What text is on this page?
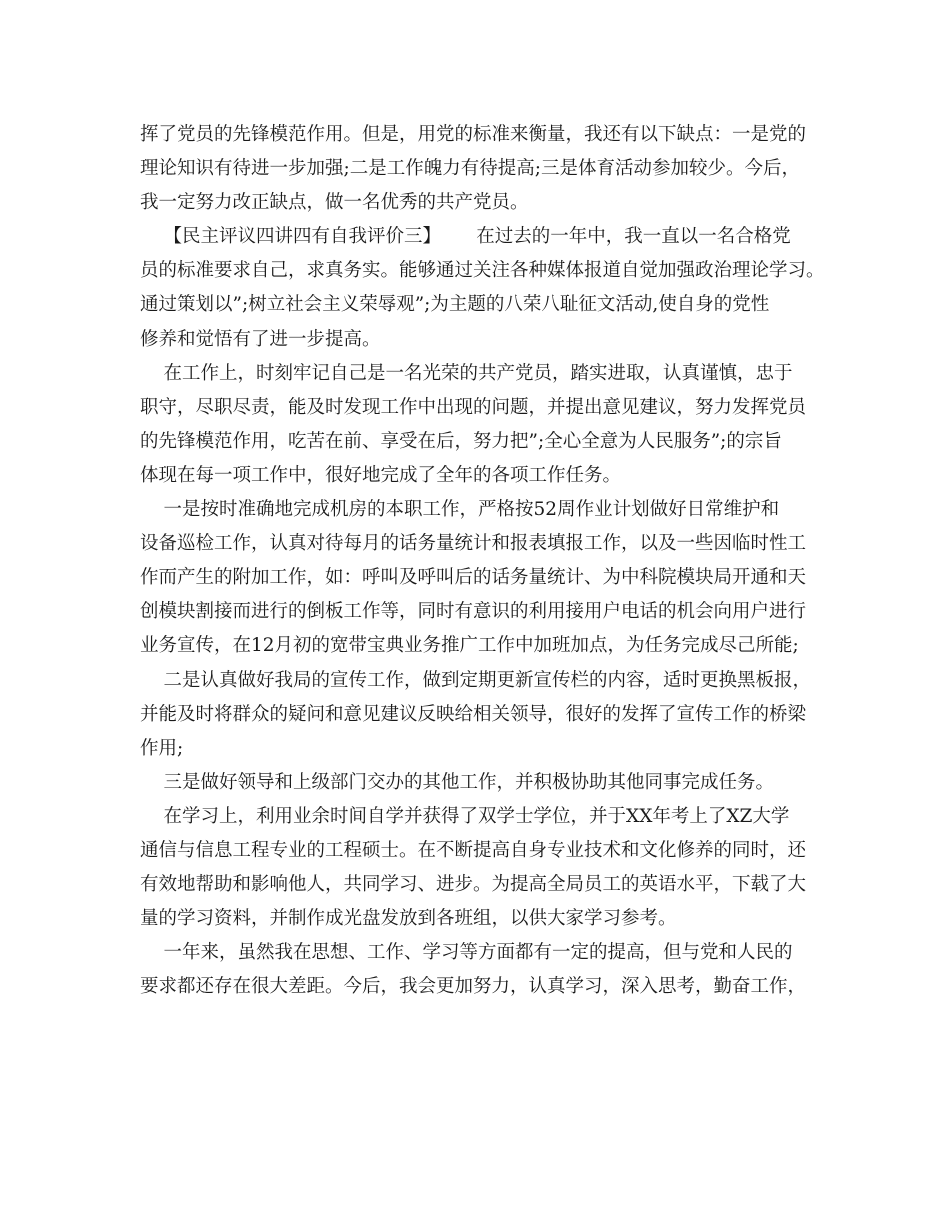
挥了党员的先锋模范作用。但是，用党的标准来衡量，我还有以下缺点：一是党的
理论知识有待进一步加强;二是工作魄力有待提高;三是体育活动参加较少。今后，
我一定努力改正缺点，做一名优秀的共产党员。
【民主评议四讲四有自我评价三】      在过去的一年中，我一直以一名合格党
员的标准要求自己，求真务实。能够通过关注各种媒体报道自觉加强政治理论学习。
通过策划以”;树立社会主义荣辱观”;为主题的八荣八耻征文活动,使自身的党性
修养和觉悟有了进一步提高。
在工作上，时刻牢记自己是一名光荣的共产党员，踏实进取，认真谨慎，忠于
职守，尽职尽责，能及时发现工作中出现的问题，并提出意见建议，努力发挥党员
的先锋模范作用，吃苦在前、享受在后，努力把”;全心全意为人民服务”;的宗旨
体现在每一项工作中，很好地完成了全年的各项工作任务。
一是按时准确地完成机房的本职工作，严格按52周作业计划做好日常维护和
设备巡检工作，认真对待每月的话务量统计和报表填报工作，以及一些因临时性工
作而产生的附加工作，如：呼叫及呼叫后的话务量统计、为中科院模块局开通和天
创模块割接而进行的倒板工作等，同时有意识的利用接用户电话的机会向用户进行
业务宣传，在12月初的宽带宝典业务推广工作中加班加点，为任务完成尽己所能;
二是认真做好我局的宣传工作，做到定期更新宣传栏的内容，适时更换黑板报，
并能及时将群众的疑问和意见建议反映给相关领导，很好的发挥了宣传工作的桥梁
作用;
三是做好领导和上级部门交办的其他工作，并积极协助其他同事完成任务。
在学习上，利用业余时间自学并获得了双学士学位，并于XX年考上了XZ大学
通信与信息工程专业的工程硕士。在不断提高自身专业技术和文化修养的同时，还
有效地帮助和影响他人，共同学习、进步。为提高全局员工的英语水平，下载了大
量的学习资料，并制作成光盘发放到各班组，以供大家学习参考。
一年来，虽然我在思想、工作、学习等方面都有一定的提高，但与党和人民的
要求都还存在很大差距。今后，我会更加努力，认真学习，深入思考，勤奋工作，
